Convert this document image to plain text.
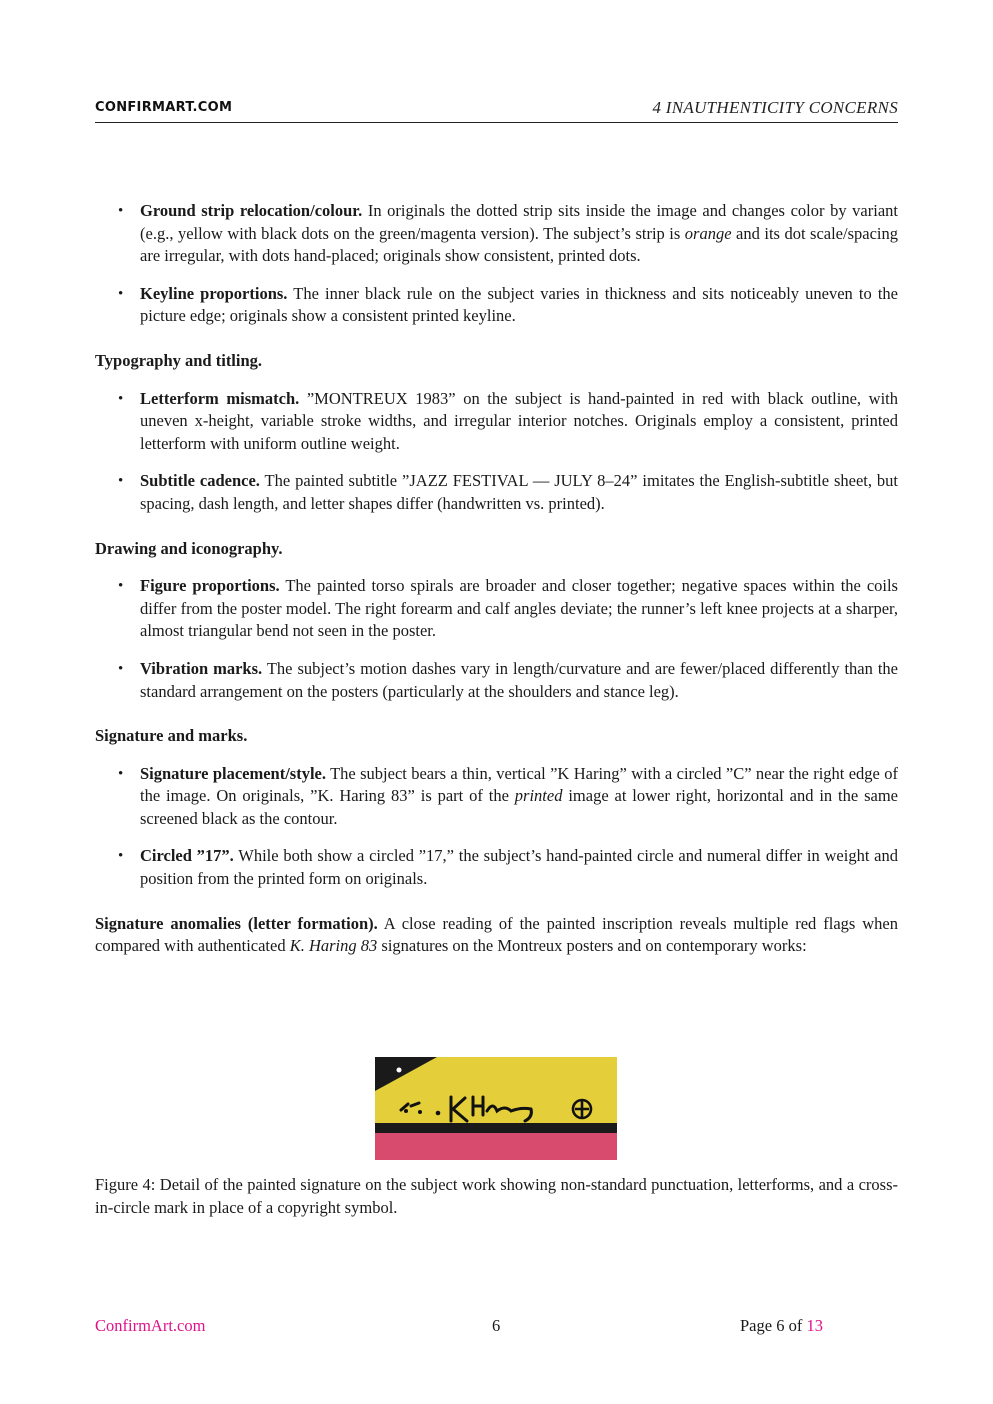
CONFIRMART.COM	4 INAUTHENTICITY CONCERNS
• Ground strip relocation/colour. In originals the dotted strip sits inside the image and changes color by variant (e.g., yellow with black dots on the green/magenta version). The subject’s strip is orange and its dot scale/spacing are irregular, with dots hand-placed; originals show consistent, printed dots.
• Keyline proportions. The inner black rule on the subject varies in thickness and sits noticeably uneven to the picture edge; originals show a consistent printed keyline.
Typography and titling.
• Letterform mismatch. ”MONTREUX 1983” on the subject is hand-painted in red with black outline, with uneven x-height, variable stroke widths, and irregular interior notches. Originals employ a consistent, printed letterform with uniform outline weight.
• Subtitle cadence. The painted subtitle ”JAZZ FESTIVAL — JULY 8–24” imitates the English-subtitle sheet, but spacing, dash length, and letter shapes differ (handwritten vs. printed).
Drawing and iconography.
• Figure proportions. The painted torso spirals are broader and closer together; negative spaces within the coils differ from the poster model. The right forearm and calf angles deviate; the runner’s left knee projects at a sharper, almost triangular bend not seen in the poster.
• Vibration marks. The subject’s motion dashes vary in length/curvature and are fewer/placed differently than the standard arrangement on the posters (particularly at the shoulders and stance leg).
Signature and marks.
• Signature placement/style. The subject bears a thin, vertical ”K Haring” with a circled ”C” near the right edge of the image. On originals, ”K. Haring 83” is part of the printed image at lower right, horizontal and in the same screened black as the contour.
• Circled ”17”. While both show a circled ”17,” the subject’s hand-painted circle and numeral differ in weight and position from the printed form on originals.
Signature anomalies (letter formation). A close reading of the painted inscription reveals multiple red flags when compared with authenticated K. Haring 83 signatures on the Montreux posters and on contemporary works:
Figure 4: Detail of the painted signature on the subject work showing non-standard punctuation, letterforms, and a cross-in-circle mark in place of a copyright symbol.
ConfirmArt.com	6	Page 6 of 13
